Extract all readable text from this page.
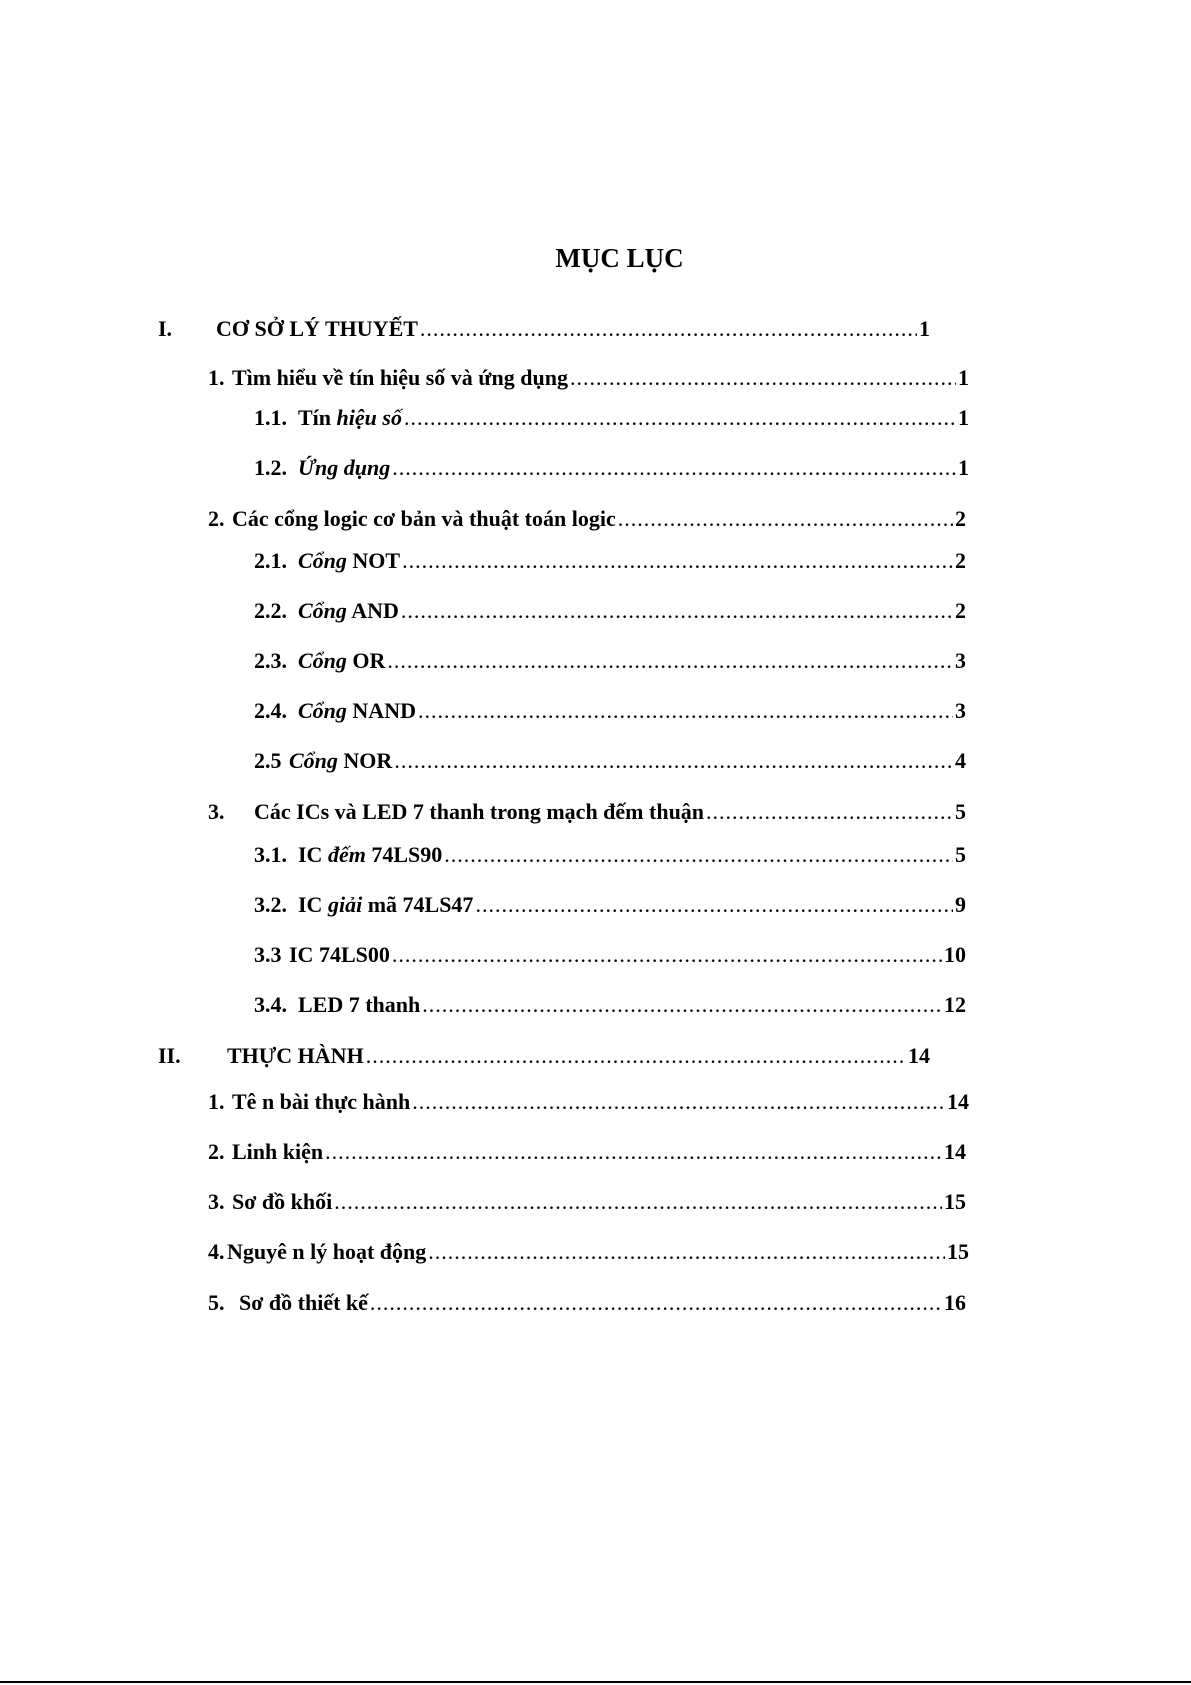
MỤC LỤC
I.	CƠ SỞ LÝ THUYẾT .....	1
1. Tìm hiểu về tín hiệu số và ứng dụng .....	1
1.1. Tín hiệu số .....	1
1.2. Ứng dụng .....	1
2. Các cổng logic cơ bản và thuật toán logic .....	2
2.1. Cổng NOT .....	2
2.2. Cổng AND .....	2
2.3. Cổng OR .....	3
2.4. Cổng NAND .....	3
2.5 Cổng NOR .....	4
3.	Các ICs và LED 7 thanh trong mạch đếm thuận .....	5
3.1. IC đếm 74LS90 .....	5
3.2. IC giải mã 74LS47 .....	9
3.3 IC 74LS00 .....	10
3.4. LED 7 thanh .....	12
II.	THỰC HÀNH .....	14
1. Tê n bài thực hành .....	14
2. Linh kiện .....	14
3. Sơ đồ khối .....	15
4. Nguyê n lý hoạt động .....	15
5. Sơ đồ thiết kế .....	16
